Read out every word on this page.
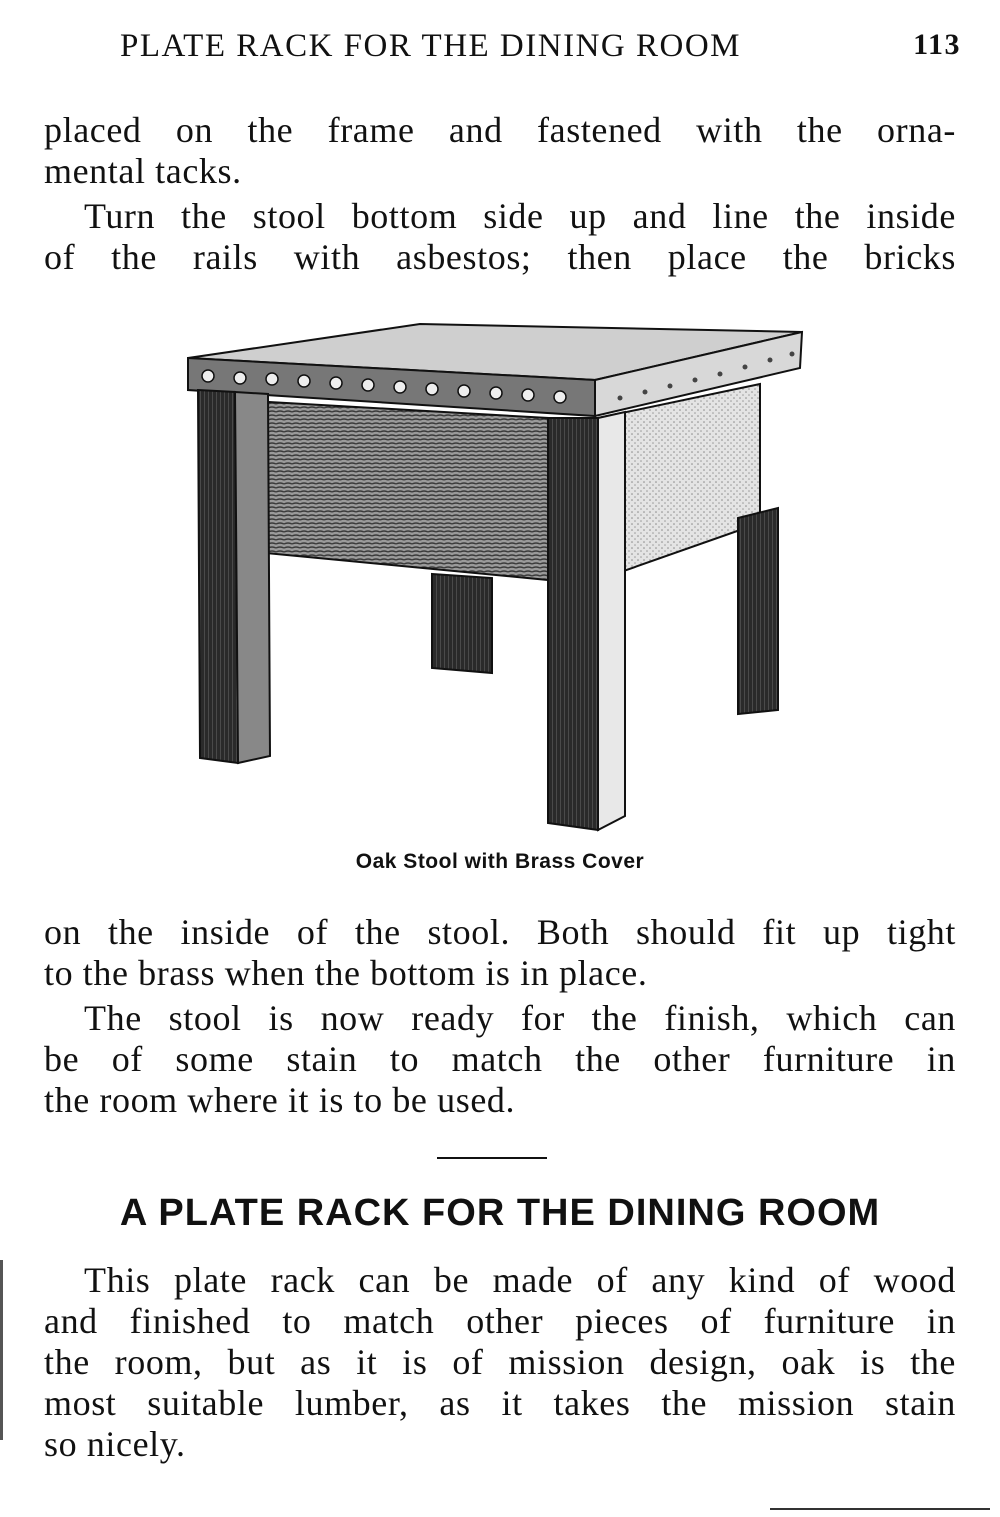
PLATE RACK FOR THE DINING ROOM	113

placed on the frame and fastened with the orna-
mental tacks.

Turn the stool bottom side up and line the inside
of the rails with asbestos; then place the bricks

Oak Stool with Brass Cover

on the inside of the stool. Both should fit up tight
to the brass when the bottom is in place.

The stool is now ready for the finish, which can
be of some stain to match the other furniture in
the room where it is to be used.

A PLATE RACK FOR THE DINING ROOM

This plate rack can be made of any kind of wood
and finished to match other pieces of furniture in
the room, but as it is of mission design, oak is the
most suitable lumber, as it takes the mission stain
so nicely.
